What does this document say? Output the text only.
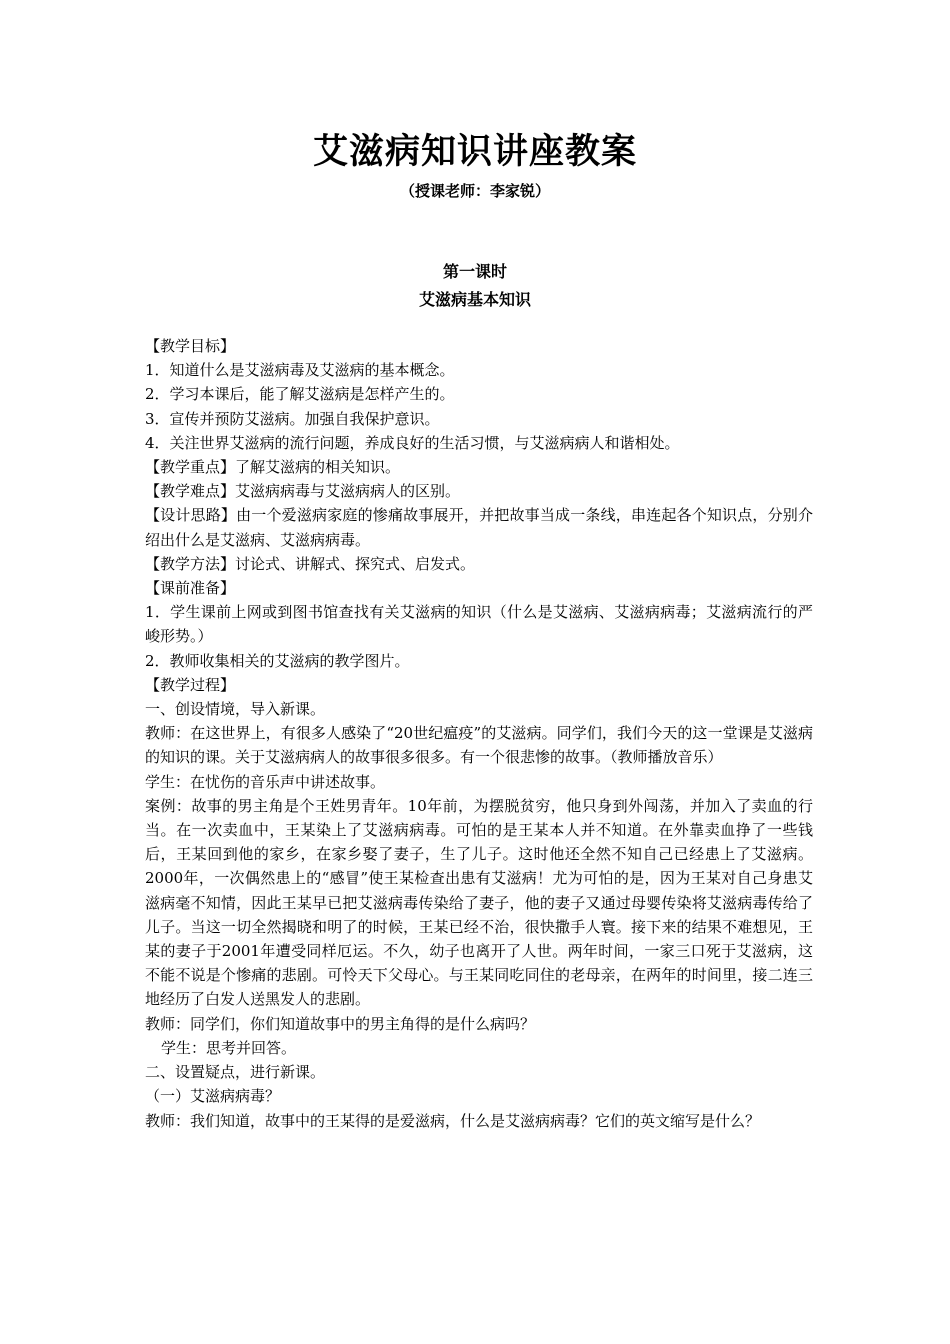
艾滋病知识讲座教案
（授课老师：李家锐）
第一课时
艾滋病基本知识

【教学目标】

1．知道什么是艾滋病毒及艾滋病的基本概念。

2．学习本课后，能了解艾滋病是怎样产生的。

3．宣传并预防艾滋病。加强自我保护意识。

4．关注世界艾滋病的流行问题，养成良好的生活习惯，与艾滋病病人和谐相处。

【教学重点】了解艾滋病的相关知识。

【教学难点】艾滋病病毒与艾滋病病人的区别。

【设计思路】由一个爱滋病家庭的惨痛故事展开，并把故事当成一条线，串连起各个知识点，分别介绍出什么是艾滋病、艾滋病病毒。

【教学方法】讨论式、讲解式、探究式、启发式。

【课前准备】

1．学生课前上网或到图书馆查找有关艾滋病的知识（什么是艾滋病、艾滋病病毒；艾滋病流行的严峻形势。）

2．教师收集相关的艾滋病的教学图片。

【教学过程】

一、创设情境，导入新课。

教师：在这世界上，有很多人感染了“20世纪瘟疫”的艾滋病。同学们，我们今天的这一堂课是艾滋病的知识的课。关于艾滋病病人的故事很多很多。有一个很悲惨的故事。（教师播放音乐）

学生：在忧伤的音乐声中讲述故事。

案例：故事的男主角是个王姓男青年。10年前，为摆脱贫穷，他只身到外闯荡，并加入了卖血的行当。在一次卖血中，王某染上了艾滋病病毒。可怕的是王某本人并不知道。在外靠卖血挣了一些钱后，王某回到他的家乡，在家乡娶了妻子，生了儿子。这时他还全然不知自己已经患上了艾滋病。2000年，一次偶然患上的“感冒”使王某检查出患有艾滋病！尤为可怕的是，因为王某对自己身患艾滋病毫不知情，因此王某早已把艾滋病毒传染给了妻子，他的妻子又通过母婴传染将艾滋病毒传给了儿子。当这一切全然揭晓和明了的时候，王某已经不治，很快撒手人寰。接下来的结果不难想见，王某的妻子于2001年遭受同样厄运。不久，幼子也离开了人世。两年时间，一家三口死于艾滋病，这不能不说是个惨痛的悲剧。可怜天下父母心。与王某同吃同住的老母亲，在两年的时间里，接二连三地经历了白发人送黑发人的悲剧。

教师：同学们，你们知道故事中的男主角得的是什么病吗？

学生：思考并回答。

二、设置疑点，进行新课。

（一）艾滋病病毒？

教师：我们知道，故事中的王某得的是爱滋病，什么是艾滋病病毒？它们的英文缩写是什么？
